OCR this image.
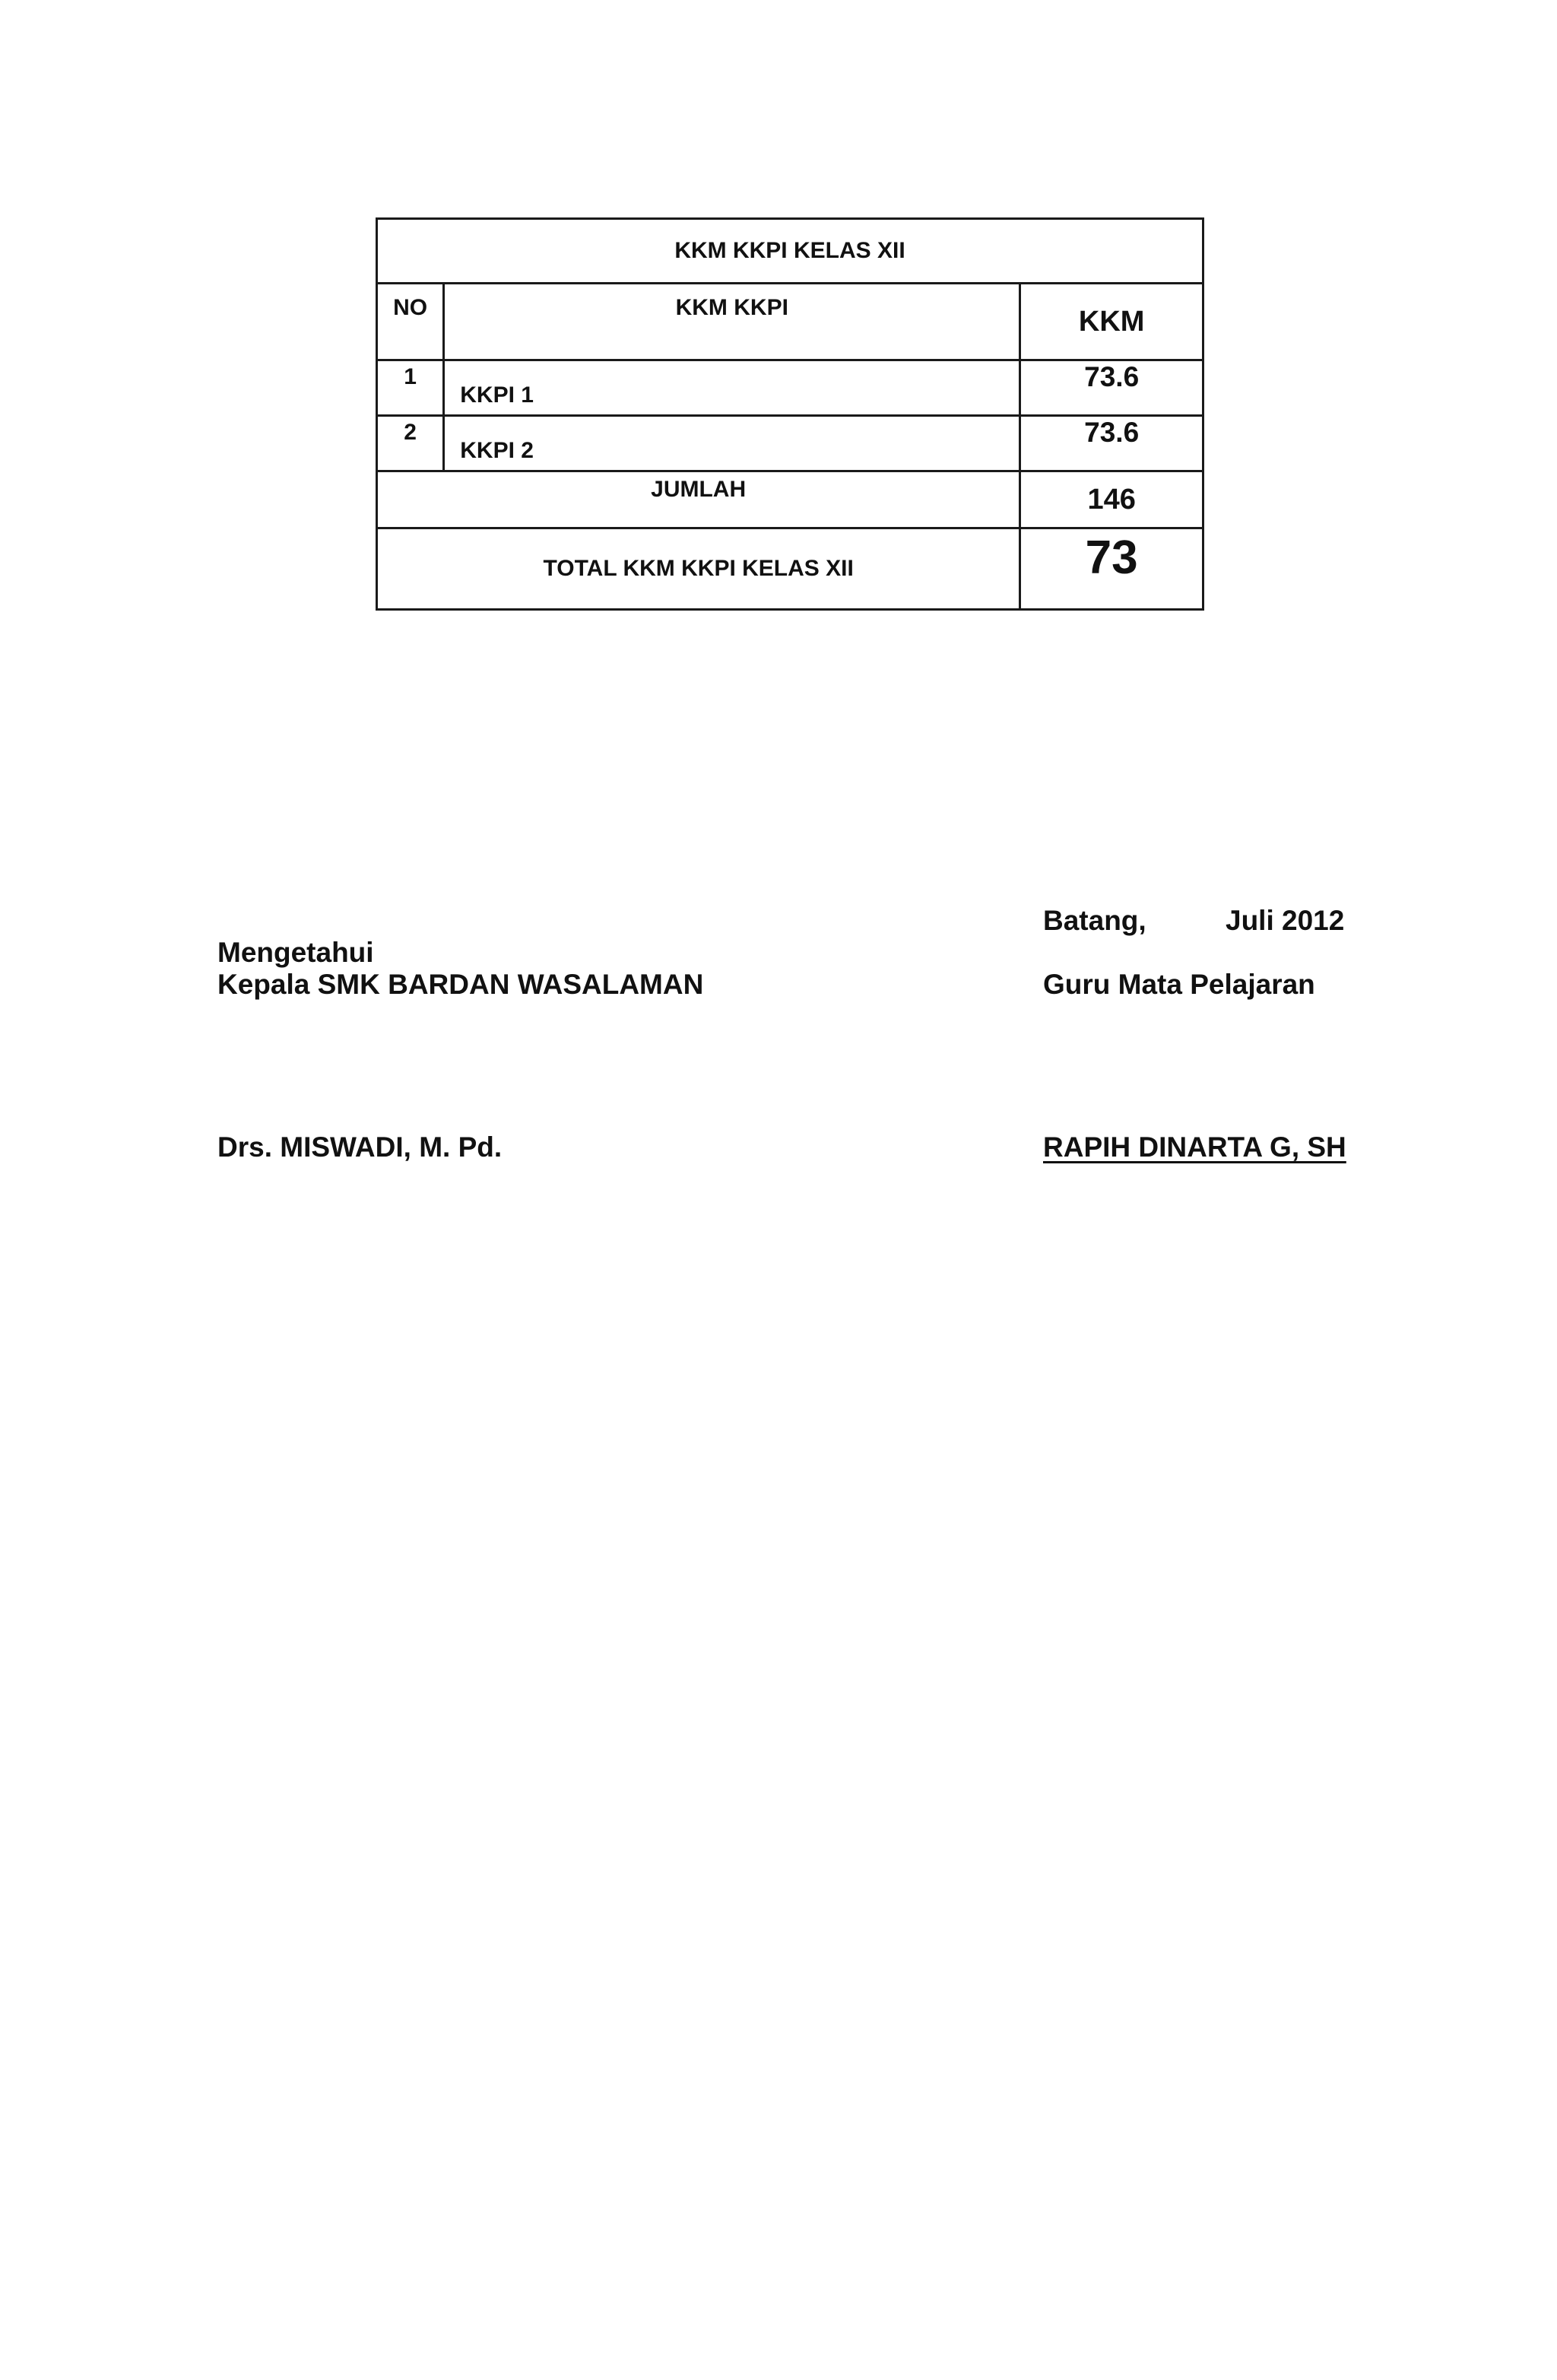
KKM KKPI KELAS XII		
NO	KKM KKPI	KKM
1	KKPI 1	73.6
2	KKPI 2	73.6
JUMLAH		146
TOTAL KKM KKPI KELAS XII		73
Batang,	Juli 2012
Mengetahui
Kepala SMK BARDAN WASALAMAN	Guru Mata Pelajaran
Drs. MISWADI, M. Pd.	RAPIH DINARTA G, SH
